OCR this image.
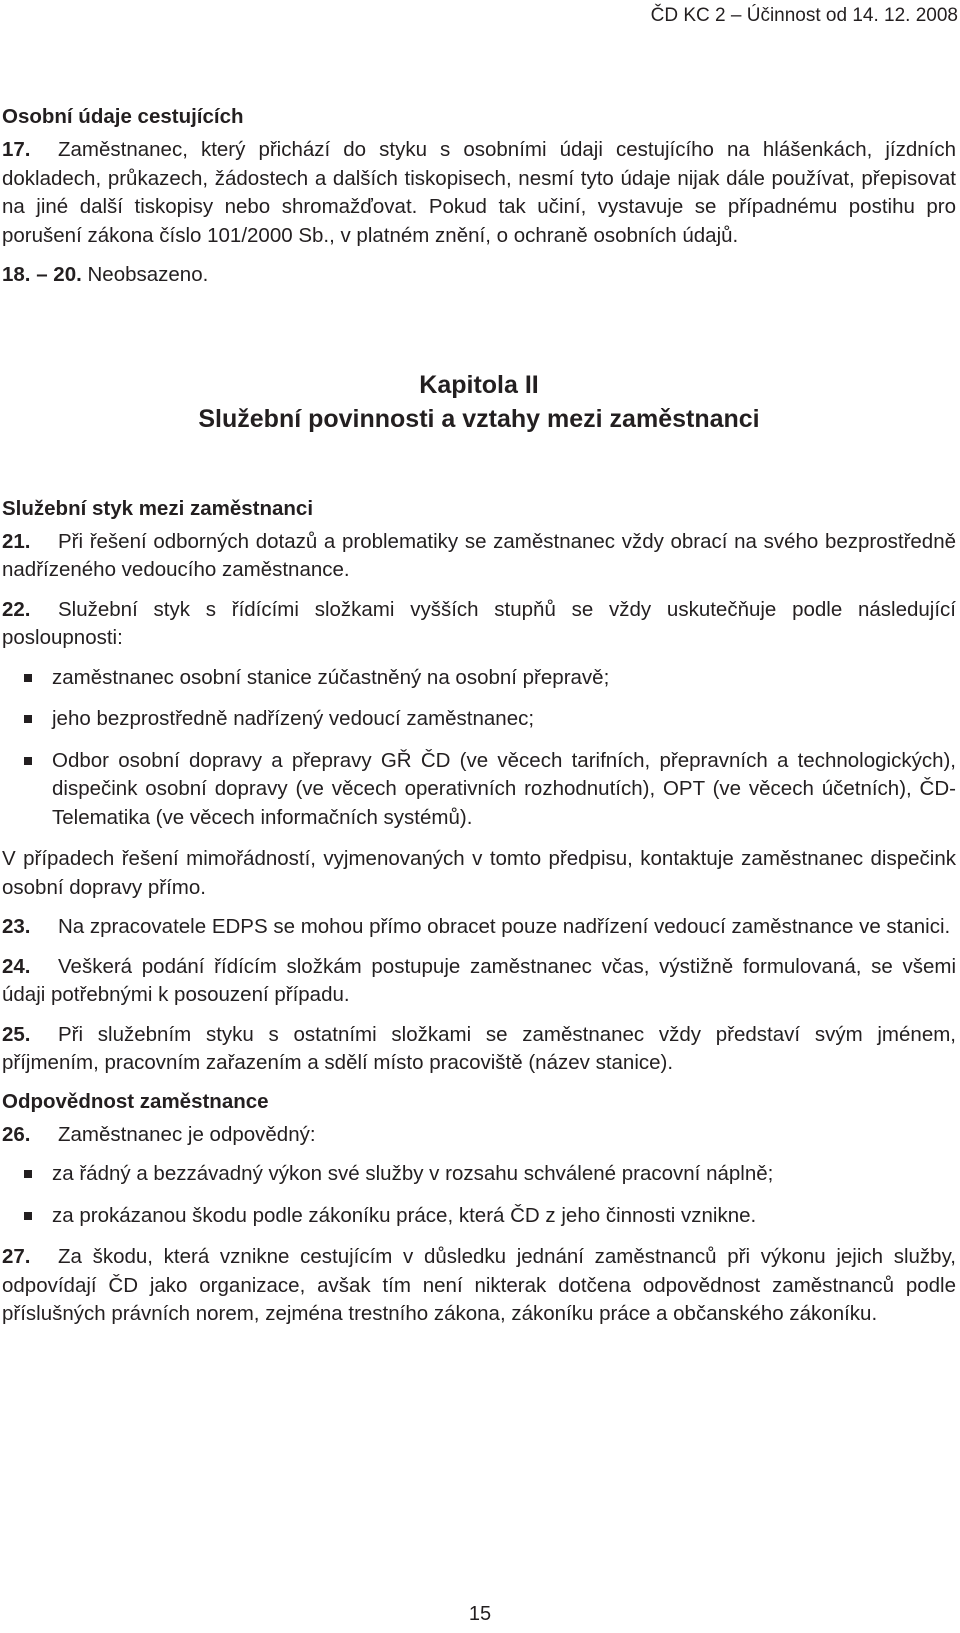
ČD KC 2 – Účinnost od 14. 12. 2008
Osobní údaje cestujících

17. Zaměstnanec, který přichází do styku s osobními údaji cestujícího na hlášenkách, jízdních dokladech, průkazech, žádostech a dalších tiskopisech, nesmí tyto údaje nijak dále používat, přepisovat na jiné další tiskopisy nebo shromažďovat. Pokud tak učiní, vystavuje se případnému postihu pro porušení zákona číslo 101/2000 Sb., v platném znění, o ochraně osobních údajů.

18. – 20. Neobsazeno.

Kapitola II
Služební povinnosti a vztahy mezi zaměstnanci
Služební styk mezi zaměstnanci

21. Při řešení odborných dotazů a problematiky se zaměstnanec vždy obrací na svého bezprostředně nadřízeného vedoucího zaměstnance.

22. Služební styk s řídícími složkami vyšších stupňů se vždy uskutečňuje podle následující posloupnosti:

zaměstnanec osobní stanice zúčastněný na osobní přepravě;
jeho bezprostředně nadřízený vedoucí zaměstnanec;
Odbor osobní dopravy a přepravy GŘ ČD (ve věcech tarifních, přepravních a technologických), dispečink osobní dopravy (ve věcech operativních rozhodnutích), OPT (ve věcech účetních), ČD-Telematika (ve věcech informačních systémů).

V případech řešení mimořádností, vyjmenovaných v tomto předpisu, kontaktuje zaměstnanec dispečink osobní dopravy přímo.

23. Na zpracovatele EDPS se mohou přímo obracet pouze nadřízení vedoucí zaměstnance ve stanici.

24. Veškerá podání řídícím složkám postupuje zaměstnanec včas, výstižně formulovaná, se všemi údaji potřebnými k posouzení případu.

25. Při služebním styku s ostatními složkami se zaměstnanec vždy představí svým jménem, příjmením, pracovním zařazením a sdělí místo pracoviště (název stanice).

Odpovědnost zaměstnance

26. Zaměstnanec je odpovědný:

za řádný a bezzávadný výkon své služby v rozsahu schválené pracovní náplně;
za prokázanou škodu podle zákoníku práce, která ČD z jeho činnosti vznikne.

27. Za škodu, která vznikne cestujícím v důsledku jednání zaměstnanců při výkonu jejich služby, odpovídají ČD jako organizace, avšak tím není nikterak dotčena odpovědnost zaměstnanců podle příslušných právních norem, zejména trestního zákona, zákoníku práce a občanského zákoníku.

15
